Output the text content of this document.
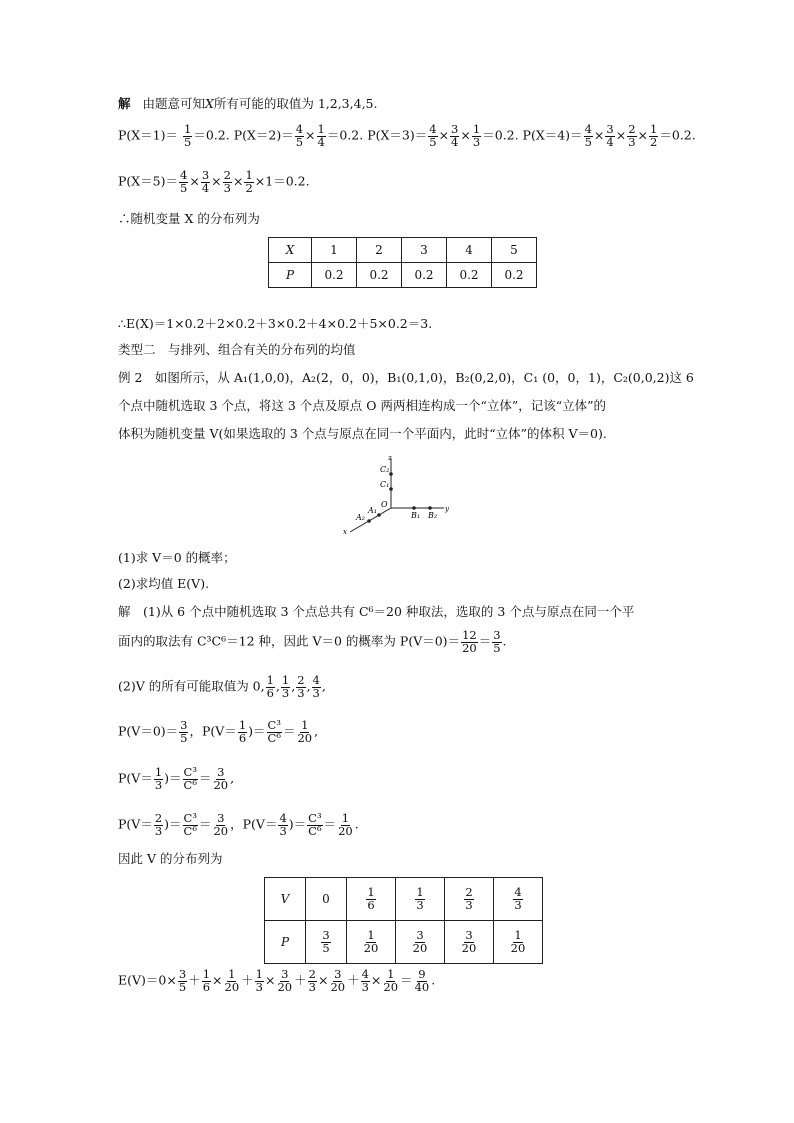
解 由题意可知X所有可能的取值为 1,2,3,4,5.
$P(X=1)= \frac{1}{5} =0.2$. $P(X=2)= \frac{4}{5} \times \frac{1}{4} =0.2$. $P(X=3)= \frac{4}{5} \times \frac{3}{4} \times \frac{1}{3} =0.2$. $P(X=4)= \frac{4}{5} \times \frac{3}{4} \times \frac{2}{3} \times \frac{1}{2} =0.2$.
$P(X=5)= \frac{4}{5} \times \frac{3}{4} \times \frac{2}{3} \times \frac{1}{2} \times 1=0.2$.
∴随机变量 X 的分布列为
X	1	2	3	4	5
P	0.2	0.2	0.2	0.2	0.2
∴E(X)＝1×0.2＋2×0.2＋3×0.2＋4×0.2＋5×0.2＝3.
类型二　与排列、组合有关的分布列的均值
例 2　如图所示，从 A₁(1,0,0)，A₂(2，0，0)，B₁(0,1,0)，B₂(0,2,0)，C₁ (0，0，1)，C₂(0,0,2)这 6
个点中随机选取 3 个点，将这 3 个点及原点 O 两两相连构成一个“立体”，记该“立体”的
体积为随机变量 V(如果选取的 3 个点与原点在同一个平面内，此时“立体”的体积 V＝0).
z
y
x
O
C₂
C₁
A₁
A₂	B₁ B₂
(1)求 V＝0 的概率；
(2)求均值 E(V).
解　(1)从 6 个点中随机选取 3 个点总共有 C⁶＝20 种取法，选取的 3 个点与原点在同一个平
面内的取法有 C³C⁶＝12 种，因此 V＝0 的概率为 $P(V=0)= \frac{12}{20} = \frac{3}{5}$ .
(2)V 的所有可能取值为 0, $\frac{1}{6}$ , $\frac{1}{3}$ , $\frac{2}{3}$ , $\frac{4}{3}$ ,
$P(V=0)= \frac{3}{5}$ ，$P(V= \frac{1}{6}$ )＝ $\frac{\text{C³}}{\text{C⁶}} = \frac{1}{20}$ ,
$P(V= \frac{1}{3}$ )＝ $\frac{\text{C³}}{\text{C⁶}} = \frac{3}{20}$ ,
$P(V= \frac{2}{3}$ )＝ $\frac{\text{C³}}{\text{C⁶}} = \frac{3}{20}$ ，$P(V= \frac{4}{3}$ )＝ $\frac{\text{C³}}{\text{C⁶}} = \frac{1}{20}$ .
因此 V 的分布列为
V	0	$\frac{1}{6}$	$\frac{1}{3}$	$\frac{2}{3}$	$\frac{4}{3}$

P	$\frac{3}{5}$	$\frac{1}{20}$	$\frac{3}{20}$	$\frac{3}{20}$	$\frac{1}{20}$
$E(V)=0\times \frac{3}{5} + \frac{1}{6} \times \frac{1}{20} + \frac{1}{3} \times \frac{3}{20} + \frac{2}{3} \times \frac{3}{20} + \frac{4}{3} \times \frac{1}{20} = \frac{9}{40}$ .
